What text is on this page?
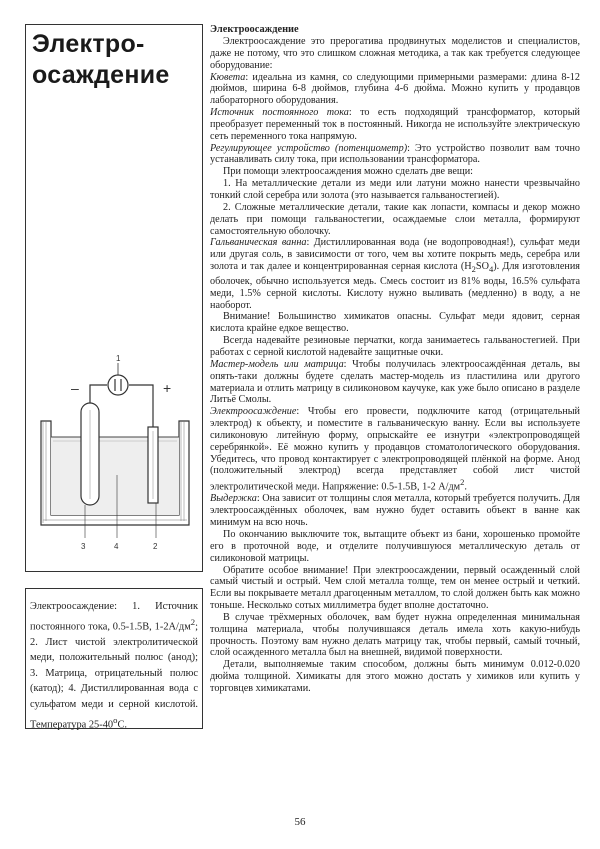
Электро-
осаждение
1
–	+
3	4	2
Электроосаждение: 1. Источник постоянного тока, 0.5-1.5В, $1-2А/дм^2$; 2. Лист чистой электролитической меди, положительный полюс (анод); 3. Матрица, отрицательный полюс (катод); 4. Дистиллированная вода с сульфатом меди и серной кислотой. Температура 25-40$^o$С.
Электроосаждение

Электроосаждение это прерогатива продвинутых моделистов и специалистов, даже не потому, что это слишком сложная методика, а так как требуется следующее оборудование:

Кювета: идеальна из камня, со следующими примерными размерами: длина 8-12 дюймов, ширина 6-8 дюймов, глубина 4-6 дюйма. Можно купить у продавцов лабораторного оборудования.

Источник постоянного тока: то есть подходящий трансформатор, который преобразует переменный ток в постоянный. Никогда не используйте электрическую сеть переменного тока напрямую.

Регулирующее устройство (потенциометр): Это устройство позволит вам точно устанавливать силу тока, при использовании трансформатора.

При помощи электроосаждения можно сделать две вещи:

1. На металлические детали из меди или латуни можно нанести чрезвычайно тонкий слой серебра или золота (это называется гальваностегией).

2. Сложные металлические детали, такие как лопасти, компасы и декор можно делать при помощи гальваностегии, осаждаемые слои металла, формируют самостоятельную оболочку.

Гальваническая ванна: Дистиллированная вода (не водопроводная!), сульфат меди или другая соль, в зависимости от того, чем вы хотите покрыть медь, серебра или золота и так далее и концентрированная серная кислота $(H_2SO_4)$. Для изготовления оболочек, обычно используется медь. Смесь состоит из 81% воды, 16.5% сульфата меди, 1.5% серной кислоты. Кислоту нужно выливать (медленно) в воду, а не наоборот.

Внимание! Большинство химикатов опасны. Сульфат меди ядовит, серная кислота крайне едкое вещество.

Всегда надевайте резиновые перчатки, когда занимаетесь гальваностегией. При работах с серной кислотой надевайте защитные очки.

Мастер-модель или матрица: Чтобы получилась электроосаждённая деталь, вы опять-таки должны будете сделать мастер-модель из пластилина или другого материала и отлить матрицу в силиконовом каучуке, как уже было описано в разделе Литьё Смолы.

Электроосаждение: Чтобы его провести, подключите катод (отрицательный электрод) к объекту, и поместите в гальваническую ванну. Если вы используете силиконовую литейную форму, опрыскайте ее изнутри «электропроводящей серебрянкой». Её можно купить у продавцов стоматологического оборудования. Убедитесь, что провод контактирует с электропроводящей плёнкой на форме. Анод (положительный электрод) всегда представляет собой лист чистой электролитической меди. Напряжение: 0.5-1.5В, 1-2 $А/дм^2$.

Выдержка: Она зависит от толщины слоя металла, который требуется получить. Для электроосаждённых оболочек, вам нужно будет оставить объект в ванне как минимум на всю ночь.

По окончанию выключите ток, вытащите объект из бани, хорошенько промойте его в проточной воде, и отделите получившуюся металлическую деталь от силиконовой матрицы.

Обратите особое внимание! При электроосаждении, первый осажденный слой самый чистый и острый. Чем слой металла толще, тем он менее острый и четкий. Если вы покрываете металл драгоценным металлом, то слой должен быть как можно тоньше. Несколько сотых миллиметра будет вполне достаточно.

В случае трёхмерных оболочек, вам будет нужна определенная минимальная толщина материала, чтобы получившаяся деталь имела хоть какую-нибудь прочность. Поэтому вам нужно делать матрицу так, чтобы первый, самый точный, слой осажденного металла был на внешней, видимой поверхности.

Детали, выполняемые таким способом, должны быть минимум 0.012-0.020 дюйма толщиной. Химикаты для этого можно достать у химиков или купить у торговцев химикатами.

56
